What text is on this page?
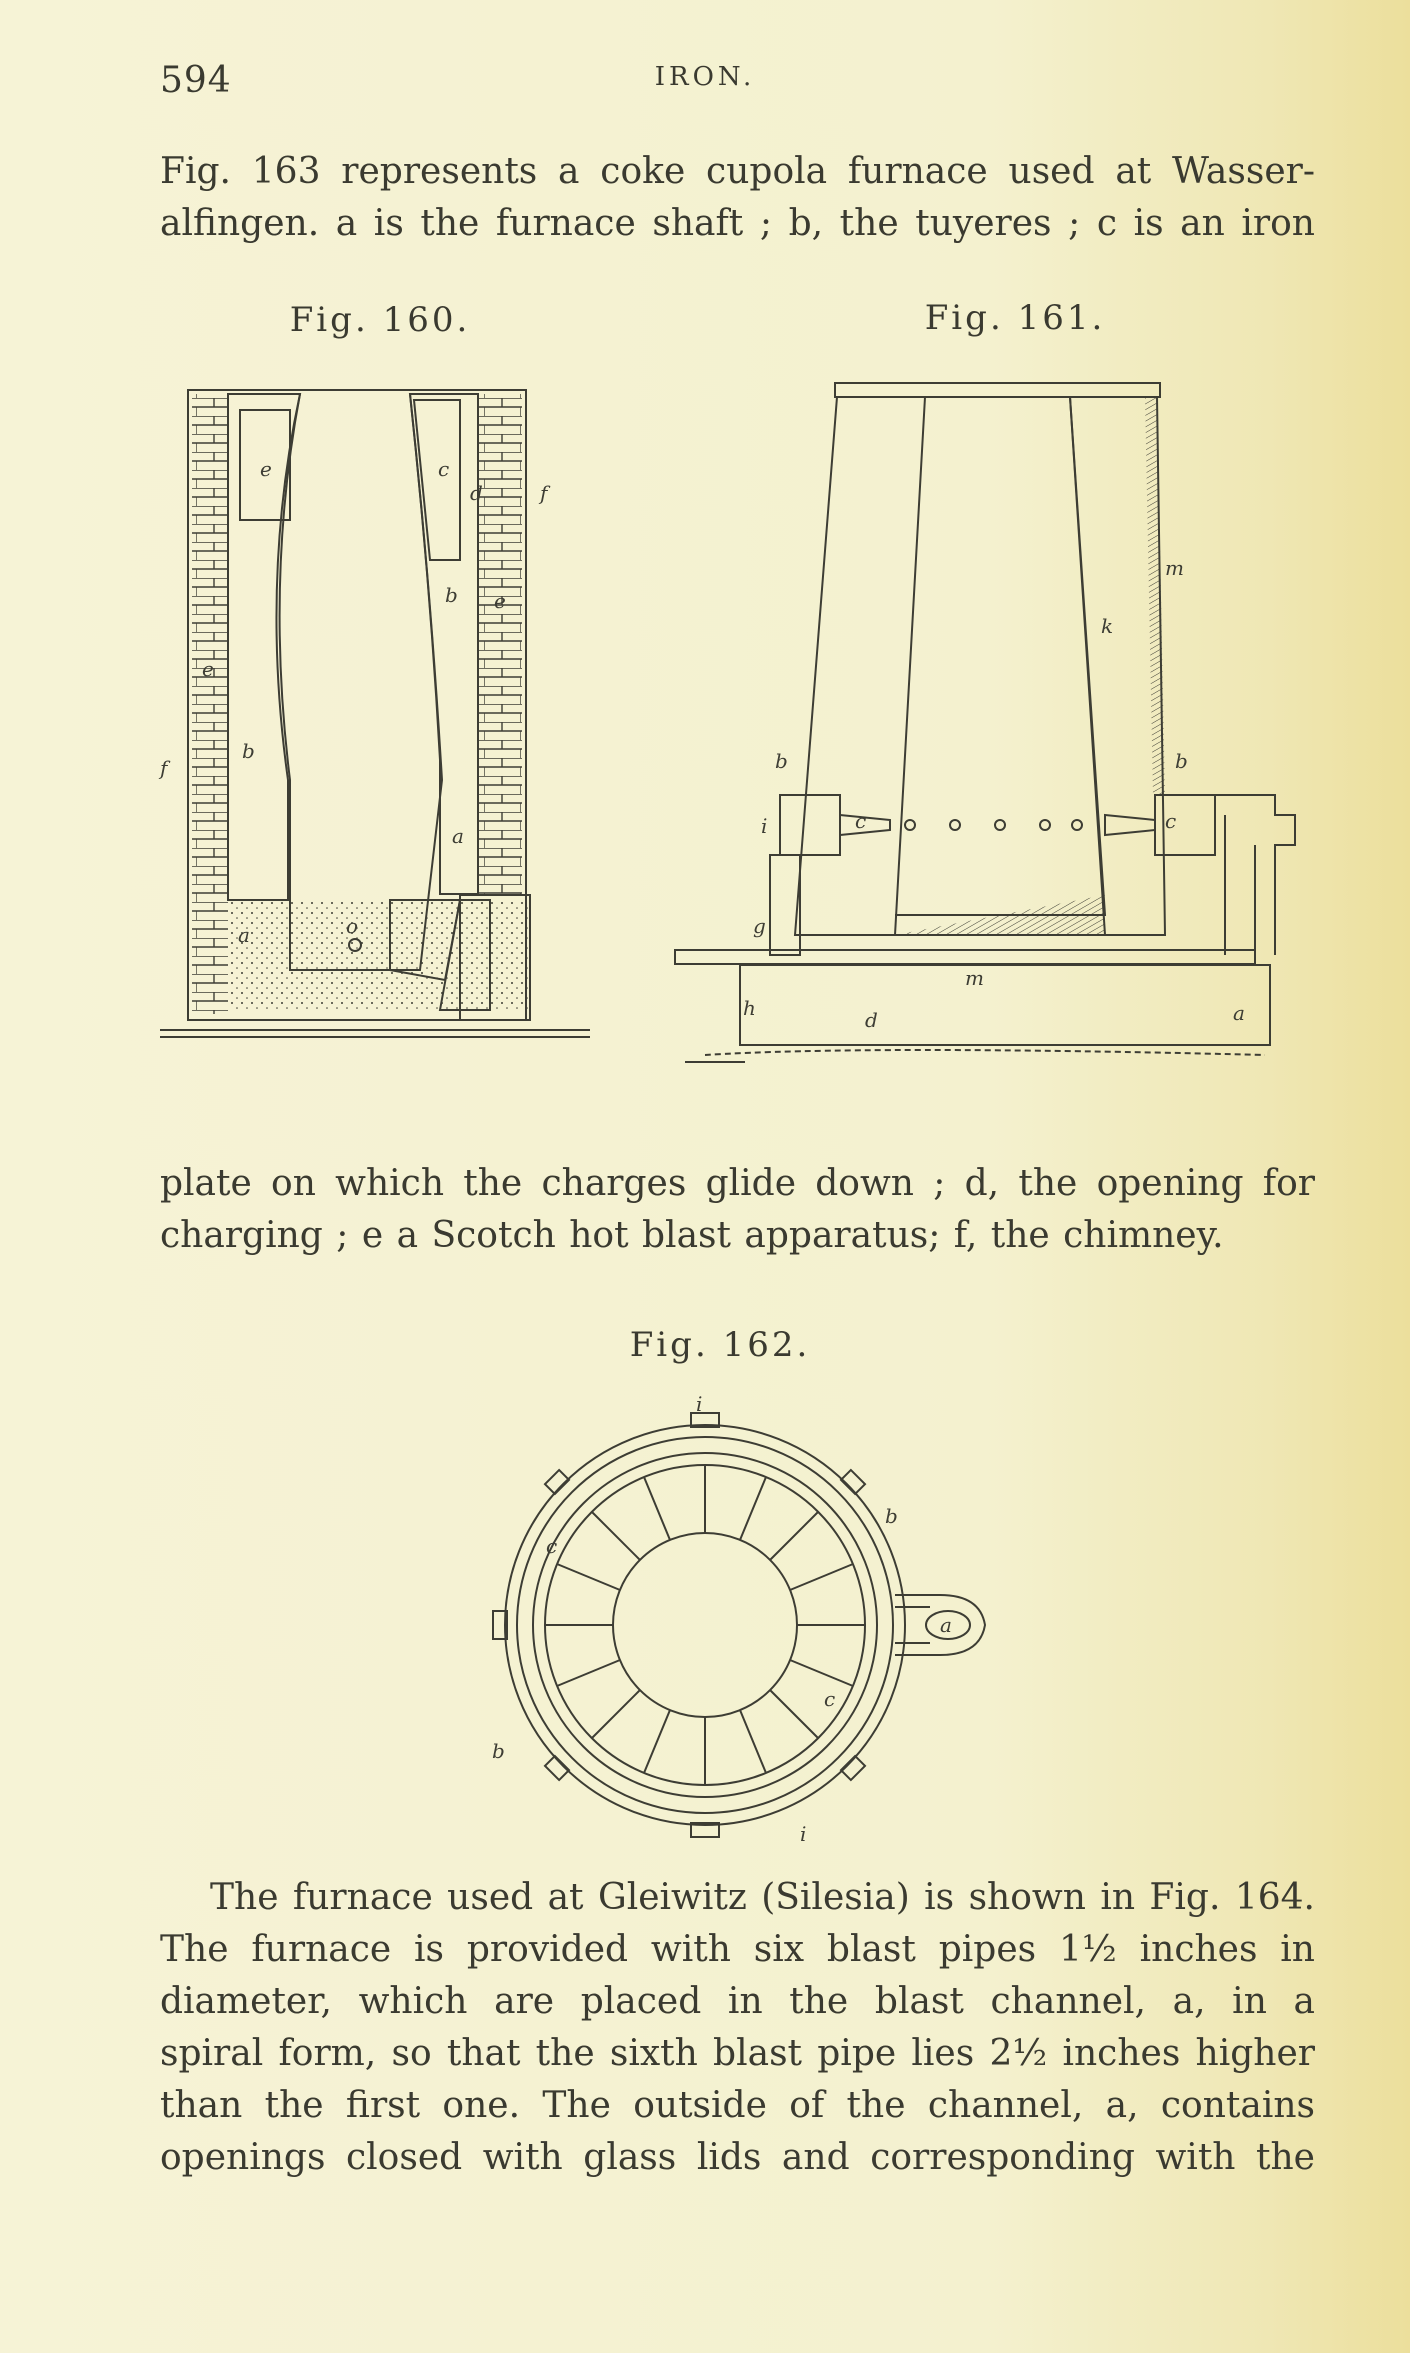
594	IRON.
Fig. 163 represents a coke cupola furnace used at Wasser-
alfingen. a is the furnace shaft ; b, the tuyeres ; c is an iron
Fig. 160.	Fig. 161.
e
b
o
f
a
c
d
b e
a
f
e
m
k
b	b
i	c	c
g
h	d
m
a
plate on which the charges glide down ; d, the opening for
charging ; e a Scotch hot blast apparatus; f, the chimney.
Fig. 162.
i
b
c
a
c
b
i
The furnace used at Gleiwitz (Silesia) is shown in Fig. 164.
The furnace is provided with six blast pipes 1½ inches in
diameter, which are placed in the blast channel, a, in a
spiral form, so that the sixth blast pipe lies 2½ inches higher
than the first one. The outside of the channel, a, contains
openings closed with glass lids and corresponding with the
